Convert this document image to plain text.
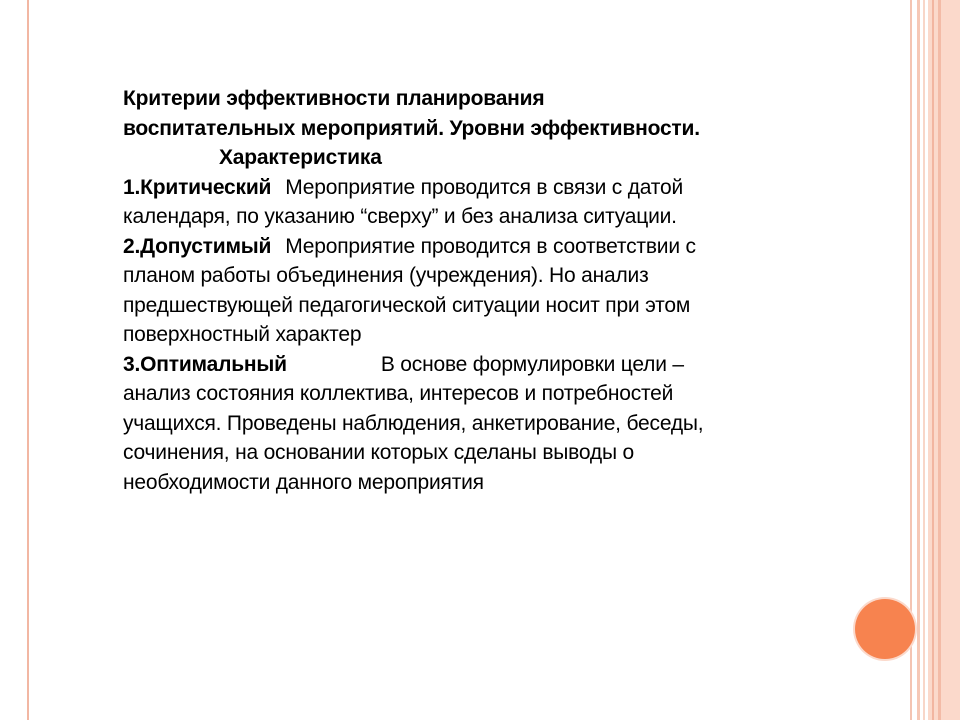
Критерии эффективности планирования
воспитательных мероприятий. Уровни эффективности.
Характеристика
1.Критический Мероприятие проводится в связи с датой
календаря, по указанию “сверху” и без анализа ситуации.
2.Допустимый Мероприятие проводится в соответствии с
планом работы объединения (учреждения). Но анализ
предшествующей педагогической ситуации носит при этом
поверхностный характер
3.Оптимальный	В основе формулировки цели –
анализ состояния коллектива, интересов и потребностей
учащихся. Проведены наблюдения, анкетирование, беседы,
сочинения, на основании которых сделаны выводы о
необходимости данного мероприятия
